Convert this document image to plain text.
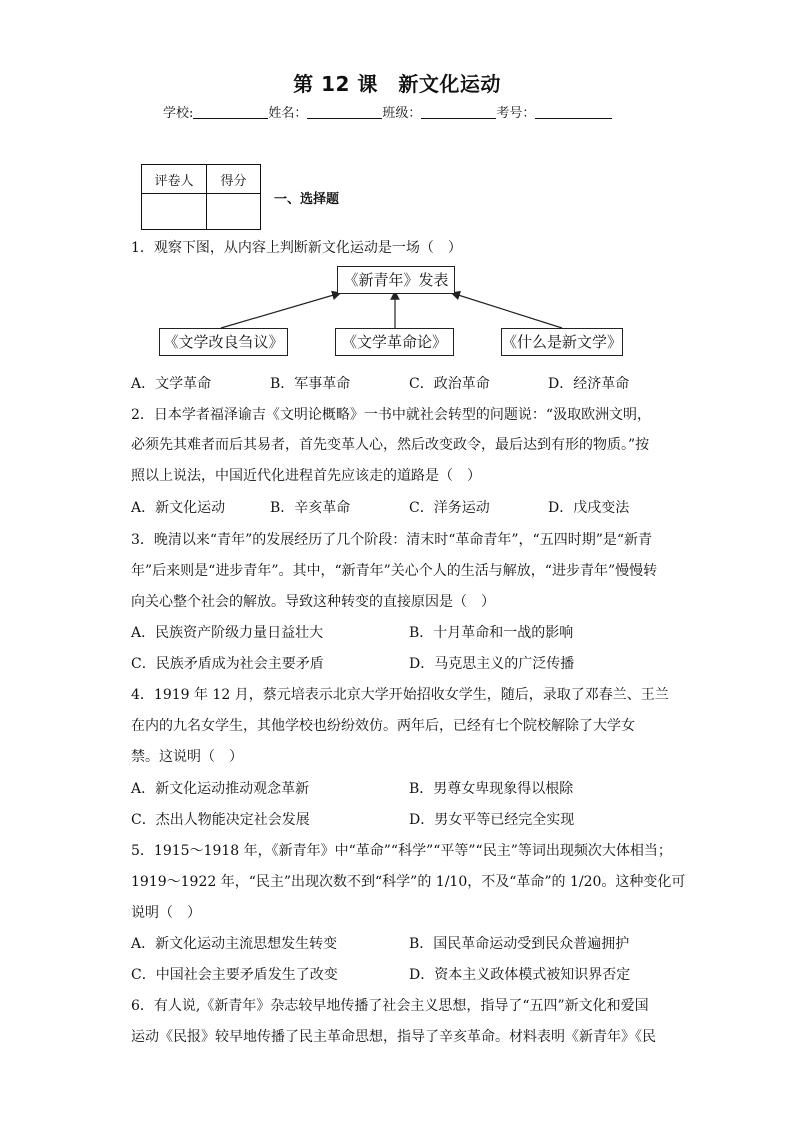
第 12 课　新文化运动
学校:	姓名：	班级：	考号：
评卷人	得分

一、选择题
1．观察下图，从内容上判断新文化运动是一场（　）
《新青年》发表
《文学改良刍议》	《文学革命论》	《什么是新文学》
A．文学革命	B．军事革命	C．政治革命	D．经济革命
2．日本学者福泽谕吉《文明论概略》一书中就社会转型的问题说：“汲取欧洲文明，
必须先其难者而后其易者，首先变革人心，然后改变政令，最后达到有形的物质。”按
照以上说法，中国近代化进程首先应该走的道路是（　）
A．新文化运动	B．辛亥革命	C．洋务运动	D．戊戌变法
3．晚清以来“青年”的发展经历了几个阶段：清末时“革命青年”，“五四时期”是“新青
年”后来则是“进步青年”。其中，“新青年”关心个人的生活与解放，“进步青年”慢慢转
向关心整个社会的解放。导致这种转变的直接原因是（　）
A．民族资产阶级力量日益壮大	B．十月革命和一战的影响
C．民族矛盾成为社会主要矛盾	D．马克思主义的广泛传播
4．1919 年 12 月，蔡元培表示北京大学开始招收女学生，随后，录取了邓春兰、王兰
在内的九名女学生，其他学校也纷纷效仿。两年后，已经有七个院校解除了大学女
禁。这说明（　）
A．新文化运动推动观念革新	B．男尊女卑现象得以根除
C．杰出人物能决定社会发展	D．男女平等已经完全实现
5．1915～1918 年，《新青年》中“革命”“科学”“平等”“民主”等词出现频次大体相当；
1919～1922 年，“民主”出现次数不到“科学”的 1/10，不及“革命”的 1/20。这种变化可
说明（　）
A．新文化运动主流思想发生转变	B．国民革命运动受到民众普遍拥护
C．中国社会主要矛盾发生了改变	D．资本主义政体模式被知识界否定
6．有人说,《新青年》杂志较早地传播了社会主义思想，指导了“五四”新文化和爱国
运动《民报》较早地传播了民主革命思想，指导了辛亥革命。材料表明《新青年》《民
